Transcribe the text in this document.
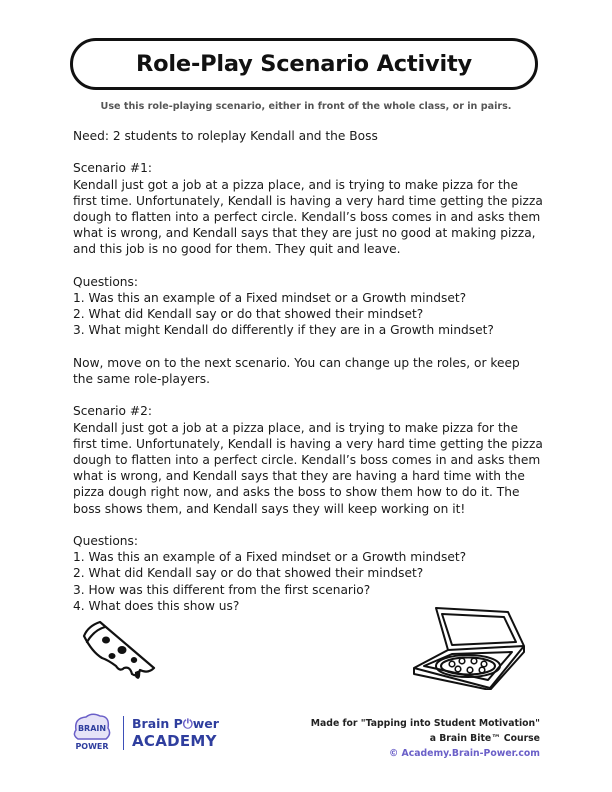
Role-Play Scenario Activity
Use this role-playing scenario, either in front of the whole class, or in pairs.

Need: 2 students to roleplay Kendall and the Boss

Scenario #1:

Kendall just got a job at a pizza place, and is trying to make pizza for the first time. Unfortunately, Kendall is having a very hard time getting the pizza dough to flatten into a perfect circle. Kendall’s boss comes in and asks them what is wrong, and Kendall says that they are just no good at making pizza, and this job is no good for them. They quit and leave.

Questions:

1. Was this an example of a Fixed mindset or a Growth mindset?

2. What did Kendall say or do that showed their mindset?

3. What might Kendall do differently if they are in a Growth mindset?

Now, move on to the next scenario. You can change up the roles, or keep the same role-players.

Scenario #2:

Kendall just got a job at a pizza place, and is trying to make pizza for the first time. Unfortunately, Kendall is having a very hard time getting the pizza dough to flatten into a perfect circle. Kendall’s boss comes in and asks them what is wrong, and Kendall says that they are having a hard time with the pizza dough right now, and asks the boss to show them how to do it. The boss shows them, and Kendall says they will keep working on it!

Questions:

1. Was this an example of a Fixed mindset or a Growth mindset?

2. What did Kendall say or do that showed their mindset?

3. How was this different from the first scenario?

4. What does this show us?

BRAIN
POWER
Brain P⏻wer
ACADEMY
Made for "Tapping into Student Motivation"
a Brain Bite™ Course
© Academy.Brain-Power.com
